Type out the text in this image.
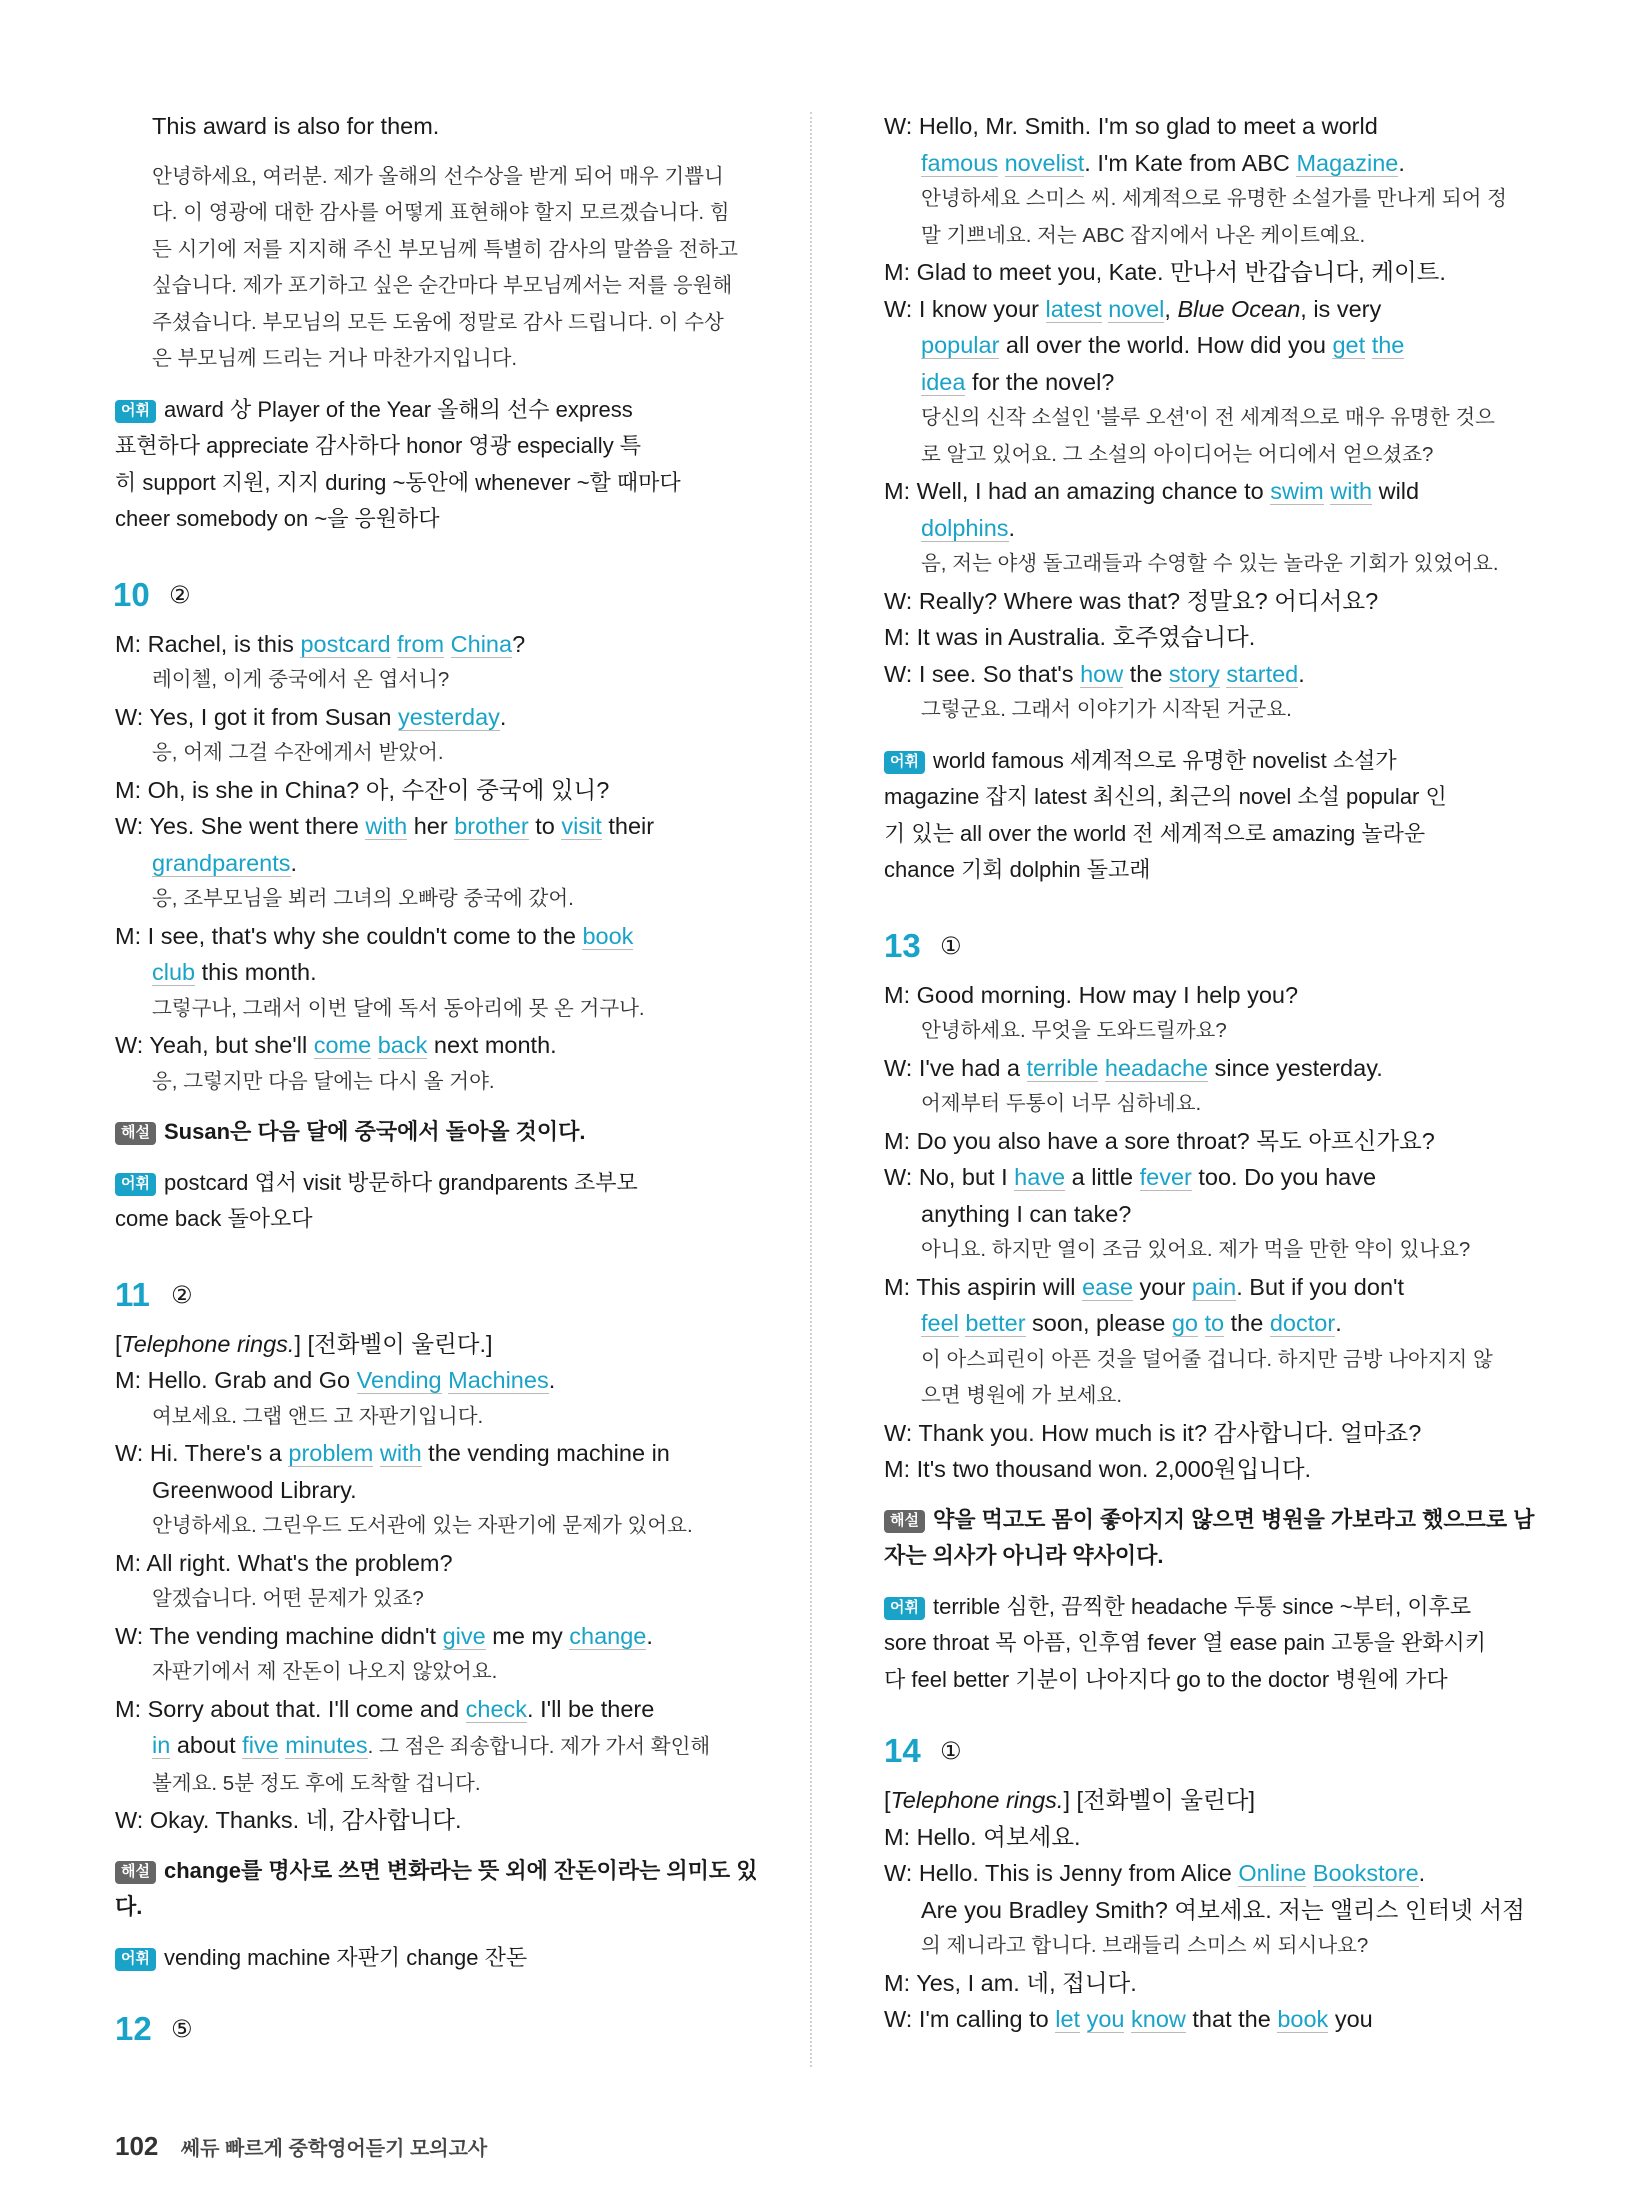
This award is also for them.
안녕하세요, 여러분. 제가 올해의 선수상을 받게 되어 매우 기쁩니
다. 이 영광에 대한 감사를 어떻게 표현해야 할지 모르겠습니다. 힘
든 시기에 저를 지지해 주신 부모님께 특별히 감사의 말씀을 전하고
싶습니다. 제가 포기하고 싶은 순간마다 부모님께서는 저를 응원해
주셨습니다. 부모님의 모든 도움에 정말로 감사 드립니다. 이 수상
은 부모님께 드리는 거나 마찬가지입니다.
어휘 award 상 Player of the Year 올해의 선수 express
표현하다 appreciate 감사하다 honor 영광 especially 특
히 support 지원, 지지 during ~동안에 whenever ~할 때마다
cheer somebody on ~을 응원하다
10 ②
M: Rachel, is this postcard from China?
레이첼, 이게 중국에서 온 엽서니?
W: Yes, I got it from Susan yesterday.
응, 어제 그걸 수잔에게서 받았어.
M: Oh, is she in China? 아, 수잔이 중국에 있니?
W: Yes. She went there with her brother to visit their
grandparents.
응, 조부모님을 뵈러 그녀의 오빠랑 중국에 갔어.
M: I see, that's why she couldn't come to the book
club this month.
그렇구나, 그래서 이번 달에 독서 동아리에 못 온 거구나.
W: Yeah, but she'll come back next month.
응, 그렇지만 다음 달에는 다시 올 거야.
해설 Susan은 다음 달에 중국에서 돌아올 것이다.
어휘 postcard 엽서 visit 방문하다 grandparents 조부모
come back 돌아오다
11 ②
[Telephone rings.] [전화벨이 울린다.]
M: Hello. Grab and Go Vending Machines.
여보세요. 그랩 앤드 고 자판기입니다.
W: Hi. There's a problem with the vending machine in
Greenwood Library.
안녕하세요. 그린우드 도서관에 있는 자판기에 문제가 있어요.
M: All right. What's the problem?
알겠습니다. 어떤 문제가 있죠?
W: The vending machine didn't give me my change.
자판기에서 제 잔돈이 나오지 않았어요.
M: Sorry about that. I'll come and check. I'll be there
in about five minutes. 그 점은 죄송합니다. 제가 가서 확인해
볼게요. 5분 정도 후에 도착할 겁니다.
W: Okay. Thanks. 네, 감사합니다.
해설 change를 명사로 쓰면 변화라는 뜻 외에 잔돈이라는 의미도 있
다.
어휘 vending machine 자판기 change 잔돈
12 ⑤
W: Hello, Mr. Smith. I'm so glad to meet a world
famous novelist. I'm Kate from ABC Magazine.
안녕하세요 스미스 씨. 세계적으로 유명한 소설가를 만나게 되어 정
말 기쁘네요. 저는 ABC 잡지에서 나온 케이트예요.
M: Glad to meet you, Kate. 만나서 반갑습니다, 케이트.
W: I know your latest novel, Blue Ocean, is very
popular all over the world. How did you get the
idea for the novel?
당신의 신작 소설인 '블루 오션'이 전 세계적으로 매우 유명한 것으
로 알고 있어요. 그 소설의 아이디어는 어디에서 얻으셨죠?
M: Well, I had an amazing chance to swim with wild
dolphins.
음, 저는 야생 돌고래들과 수영할 수 있는 놀라운 기회가 있었어요.
W: Really? Where was that? 정말요? 어디서요?
M: It was in Australia. 호주였습니다.
W: I see. So that's how the story started.
그렇군요. 그래서 이야기가 시작된 거군요.
어휘 world famous 세계적으로 유명한 novelist 소설가
magazine 잡지 latest 최신의, 최근의 novel 소설 popular 인
기 있는 all over the world 전 세계적으로 amazing 놀라운
chance 기회 dolphin 돌고래
13 ①
M: Good morning. How may I help you?
안녕하세요. 무엇을 도와드릴까요?
W: I've had a terrible headache since yesterday.
어제부터 두통이 너무 심하네요.
M: Do you also have a sore throat? 목도 아프신가요?
W: No, but I have a little fever too. Do you have
anything I can take?
아니요. 하지만 열이 조금 있어요. 제가 먹을 만한 약이 있나요?
M: This aspirin will ease your pain. But if you don't
feel better soon, please go to the doctor.
이 아스피린이 아픈 것을 덜어줄 겁니다. 하지만 금방 나아지지 않
으면 병원에 가 보세요.
W: Thank you. How much is it? 감사합니다. 얼마죠?
M: It's two thousand won. 2,000원입니다.
해설 약을 먹고도 몸이 좋아지지 않으면 병원을 가보라고 했으므로 남
자는 의사가 아니라 약사이다.
어휘 terrible 심한, 끔찍한 headache 두통 since ~부터, 이후로
sore throat 목 아픔, 인후염 fever 열 ease pain 고통을 완화시키
다 feel better 기분이 나아지다 go to the doctor 병원에 가다
14 ①
[Telephone rings.] [전화벨이 울린다]
M: Hello. 여보세요.
W: Hello. This is Jenny from Alice Online Bookstore.
Are you Bradley Smith? 여보세요. 저는 앨리스 인터넷 서점
의 제니라고 합니다. 브래들리 스미스 씨 되시나요?
M: Yes, I am. 네, 접니다.
W: I'm calling to let you know that the book you
102 쎄듀 빠르게 중학영어듣기 모의고사
